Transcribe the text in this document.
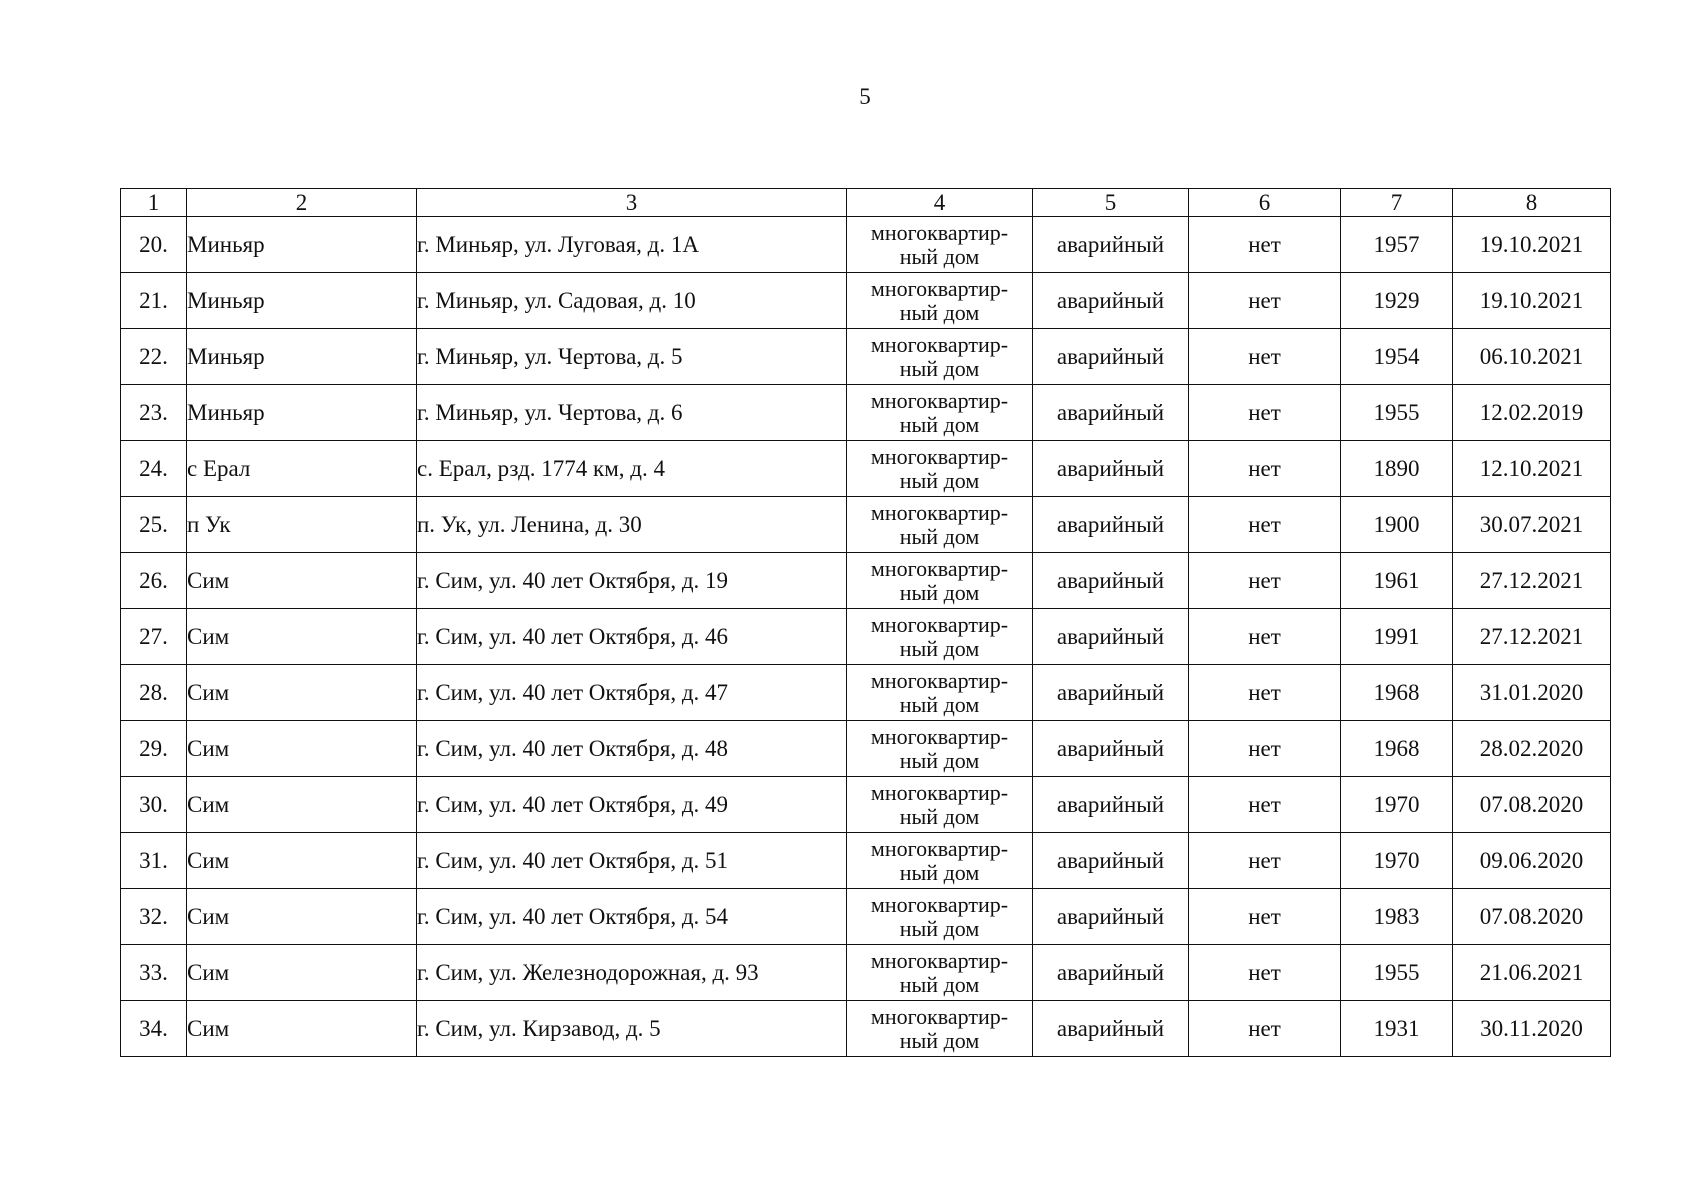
5
1	2	3	4	5	6	7	8
20.	Миньяр	г. Миньяр, ул. Луговая, д. 1А	многоквартир-
ный дом	аварийный	нет	1957	19.10.2021
21.	Миньяр	г. Миньяр, ул. Садовая, д. 10	многоквартир-
ный дом	аварийный	нет	1929	19.10.2021
22.	Миньяр	г. Миньяр, ул. Чертова, д. 5	многоквартир-
ный дом	аварийный	нет	1954	06.10.2021
23.	Миньяр	г. Миньяр, ул. Чертова, д. 6	многоквартир-
ный дом	аварийный	нет	1955	12.02.2019
24.	с Ерал	с. Ерал, рзд. 1774 км, д. 4	многоквартир-
ный дом	аварийный	нет	1890	12.10.2021
25.	п Ук	п. Ук, ул. Ленина, д. 30	многоквартир-
ный дом	аварийный	нет	1900	30.07.2021
26.	Сим	г. Сим, ул. 40 лет Октября, д. 19	многоквартир-
ный дом	аварийный	нет	1961	27.12.2021
27.	Сим	г. Сим, ул. 40 лет Октября, д. 46	многоквартир-
ный дом	аварийный	нет	1991	27.12.2021
28.	Сим	г. Сим, ул. 40 лет Октября, д. 47	многоквартир-
ный дом	аварийный	нет	1968	31.01.2020
29.	Сим	г. Сим, ул. 40 лет Октября, д. 48	многоквартир-
ный дом	аварийный	нет	1968	28.02.2020
30.	Сим	г. Сим, ул. 40 лет Октября, д. 49	многоквартир-
ный дом	аварийный	нет	1970	07.08.2020
31.	Сим	г. Сим, ул. 40 лет Октября, д. 51	многоквартир-
ный дом	аварийный	нет	1970	09.06.2020
32.	Сим	г. Сим, ул. 40 лет Октября, д. 54	многоквартир-
ный дом	аварийный	нет	1983	07.08.2020
33.	Сим	г. Сим, ул. Железнодорожная, д. 93	многоквартир-
ный дом	аварийный	нет	1955	21.06.2021
34.	Сим	г. Сим, ул. Кирзавод, д. 5	многоквартир-
ный дом	аварийный	нет	1931	30.11.2020
